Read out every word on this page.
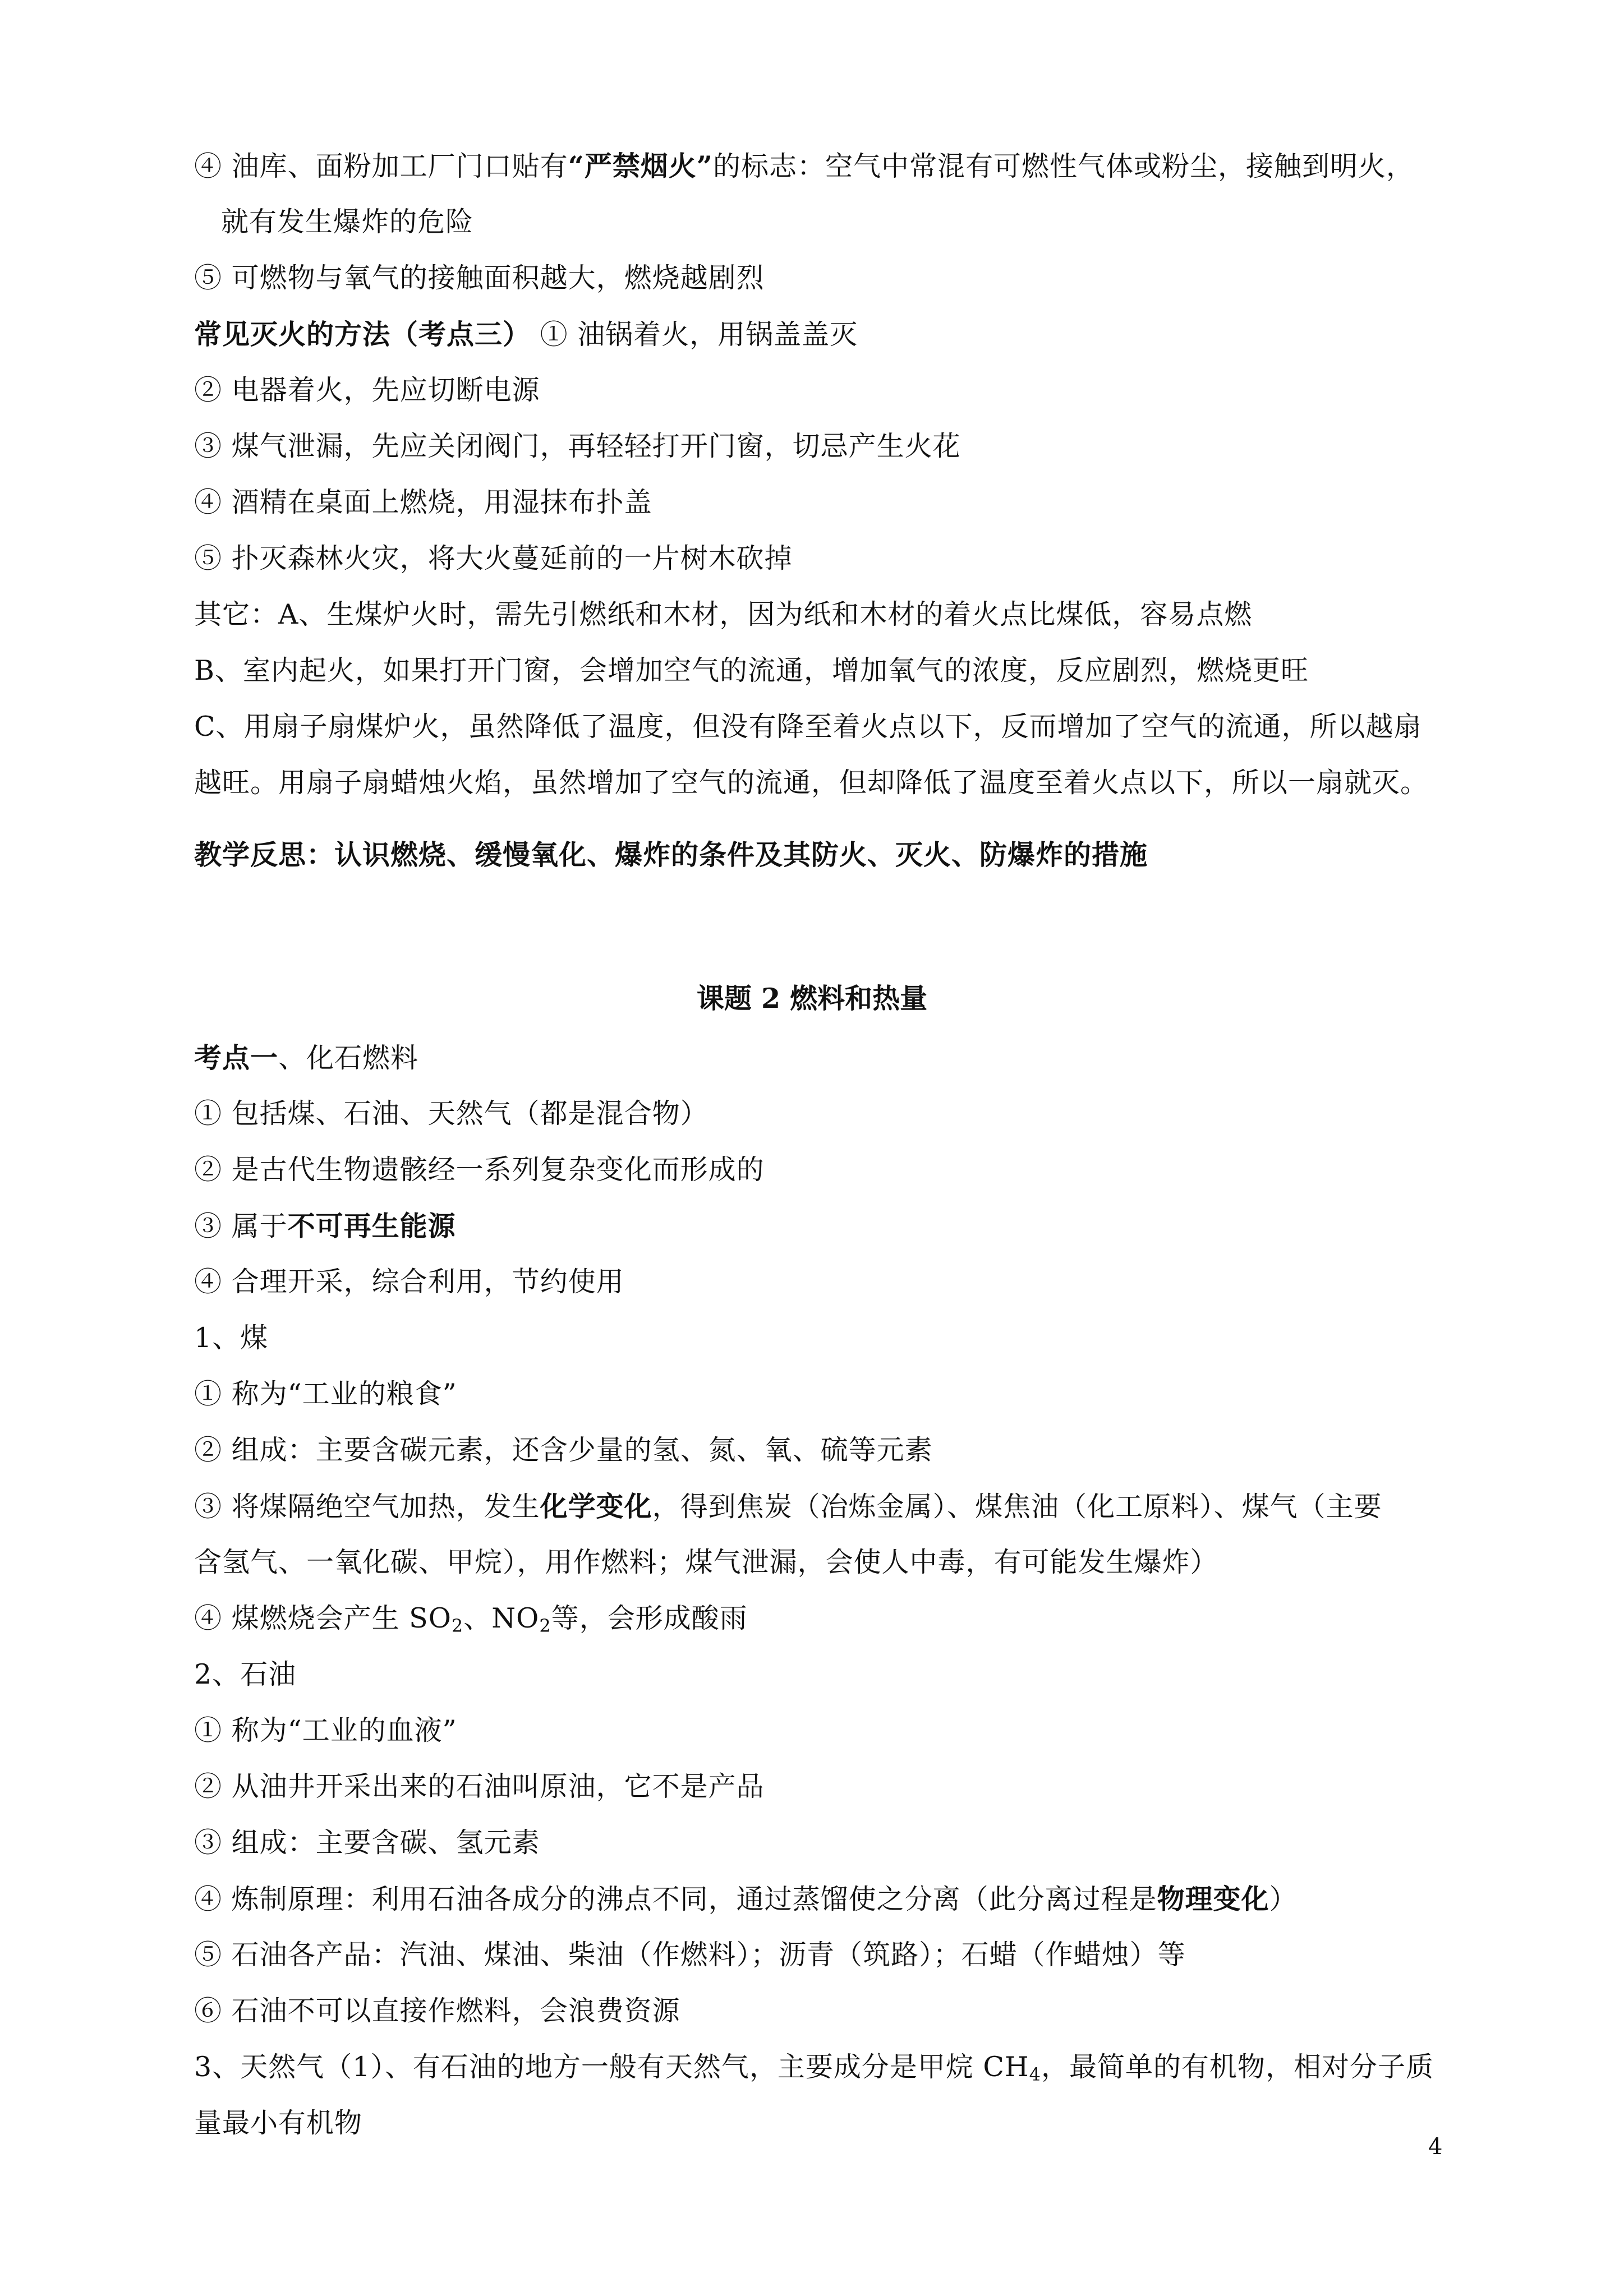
④ 油库、面粉加工厂门口贴有“严禁烟火”的标志：空气中常混有可燃性气体或粉尘，接触到明火，
就有发生爆炸的危险
⑤ 可燃物与氧气的接触面积越大，燃烧越剧烈
常见灭火的方法（考点三） ① 油锅着火，用锅盖盖灭
② 电器着火，先应切断电源
③ 煤气泄漏，先应关闭阀门，再轻轻打开门窗，切忌产生火花
④ 酒精在桌面上燃烧，用湿抹布扑盖
⑤ 扑灭森林火灾，将大火蔓延前的一片树木砍掉
其它：A、生煤炉火时，需先引燃纸和木材，因为纸和木材的着火点比煤低，容易点燃
B、室内起火，如果打开门窗，会增加空气的流通，增加氧气的浓度，反应剧烈，燃烧更旺
C、用扇子扇煤炉火，虽然降低了温度，但没有降至着火点以下，反而增加了空气的流通，所以越扇
越旺。用扇子扇蜡烛火焰，虽然增加了空气的流通，但却降低了温度至着火点以下，所以一扇就灭。
教学反思：认识燃烧、缓慢氧化、爆炸的条件及其防火、灭火、防爆炸的措施
课题 2 燃料和热量
考点一、化石燃料
① 包括煤、石油、天然气（都是混合物）
② 是古代生物遗骸经一系列复杂变化而形成的
③ 属于不可再生能源
④ 合理开采，综合利用，节约使用
1、煤
① 称为“工业的粮食”
② 组成：主要含碳元素，还含少量的氢、氮、氧、硫等元素
③ 将煤隔绝空气加热，发生化学变化，得到焦炭（冶炼金属）、煤焦油（化工原料）、煤气（主要
含氢气、一氧化碳、甲烷），用作燃料；煤气泄漏，会使人中毒，有可能发生爆炸）
④ 煤燃烧会产生 $SO_2$、$NO_2$等，会形成酸雨
2、石油
① 称为“工业的血液”
② 从油井开采出来的石油叫原油，它不是产品
③ 组成：主要含碳、氢元素
④ 炼制原理：利用石油各成分的沸点不同，通过蒸馏使之分离（此分离过程是物理变化）
⑤ 石油各产品：汽油、煤油、柴油（作燃料）；沥青（筑路）；石蜡（作蜡烛）等
⑥ 石油不可以直接作燃料，会浪费资源
3、天然气（1）、有石油的地方一般有天然气，主要成分是甲烷 $CH_4$，最简单的有机物，相对分子质
量最小有机物
4
